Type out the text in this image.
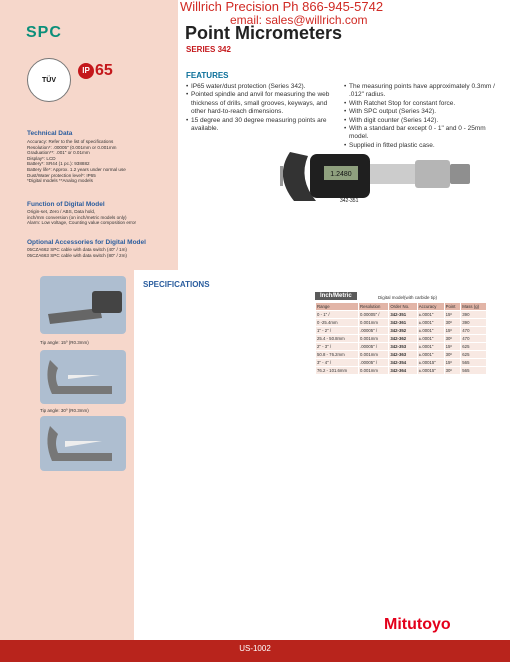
Willrich Precision Ph 866-945-5742
email: sales@willrich.com
SPC
TÜV
IP 65
Point Micrometers
SERIES 342
FEATURES
• IP65 water/dust protection (Series 342).
• Pointed spindle and anvil for measuring the web thickness of drills, small grooves, keyways, and other hard-to-reach dimensions.
• 15 degree and 30 degree measuring points are available.
• The measuring points have approximately 0.3mm / .012" radius.
• With Ratchet Stop for constant force.
• With SPC output (Series 342).
• With digit counter (Series 142).
• With a standard bar except 0 - 1" and 0 - 25mm model.
• Supplied in fitted plastic case.
1.2480
342-351
Technical Data
Accuracy: Refer to the list of specifications
Resolution*: .00005" (0.001mm or 0.001mm
Graduation**: .001" or 0.01mm
Display*: LCD
Battery*: SR44 (1 pc.): 938882
Battery life*: Approx. 1.2 years under normal use
Dust/Water protection level*: IP65
*Digital models **Analog models
Function of Digital Model
Origin-set, Zero / ABS, Data hold,
inch/mm conversion (on inch/metric models only)
Alarm: Low voltage, Counting value composition error
Optional Accessories for Digital Model
05CZA662 SPC cable with data switch (40" / 1m)
05CZA663 SPC cable with data switch (80" / 2m)
SPECIFICATIONS
Tip angle: 15º (R0.3mm)
Tip angle: 30º (R0.3mm)
Inch/Metric	Digital model(with carbide tip)
Range	Resolution	Order No.	Accuracy	Point	Mass (g)
0 - 1" /	0.00005" /	342-351	±.0001"	15º	390
0 -25.4mm	0.001mm	342-361	±.0001"	30º	390
1" - 2" /	.00005" /	342-352	±.0001"	15º	470
25.4 - 50.8mm	0.001mm	342-362	±.0001"	30º	470
2" - 3" /	.00005" /	342-353	±.0001"	15º	625
50.8 - 76.2mm	0.001mm	342-363	±.0001"	30º	625
3" - 4" /	.00005" /	342-354	±.00015"	15º	565
76.2 - 101.6mm	0.001mm	342-364	±.00015"	30º	565
Mitutoyo
US-1002
